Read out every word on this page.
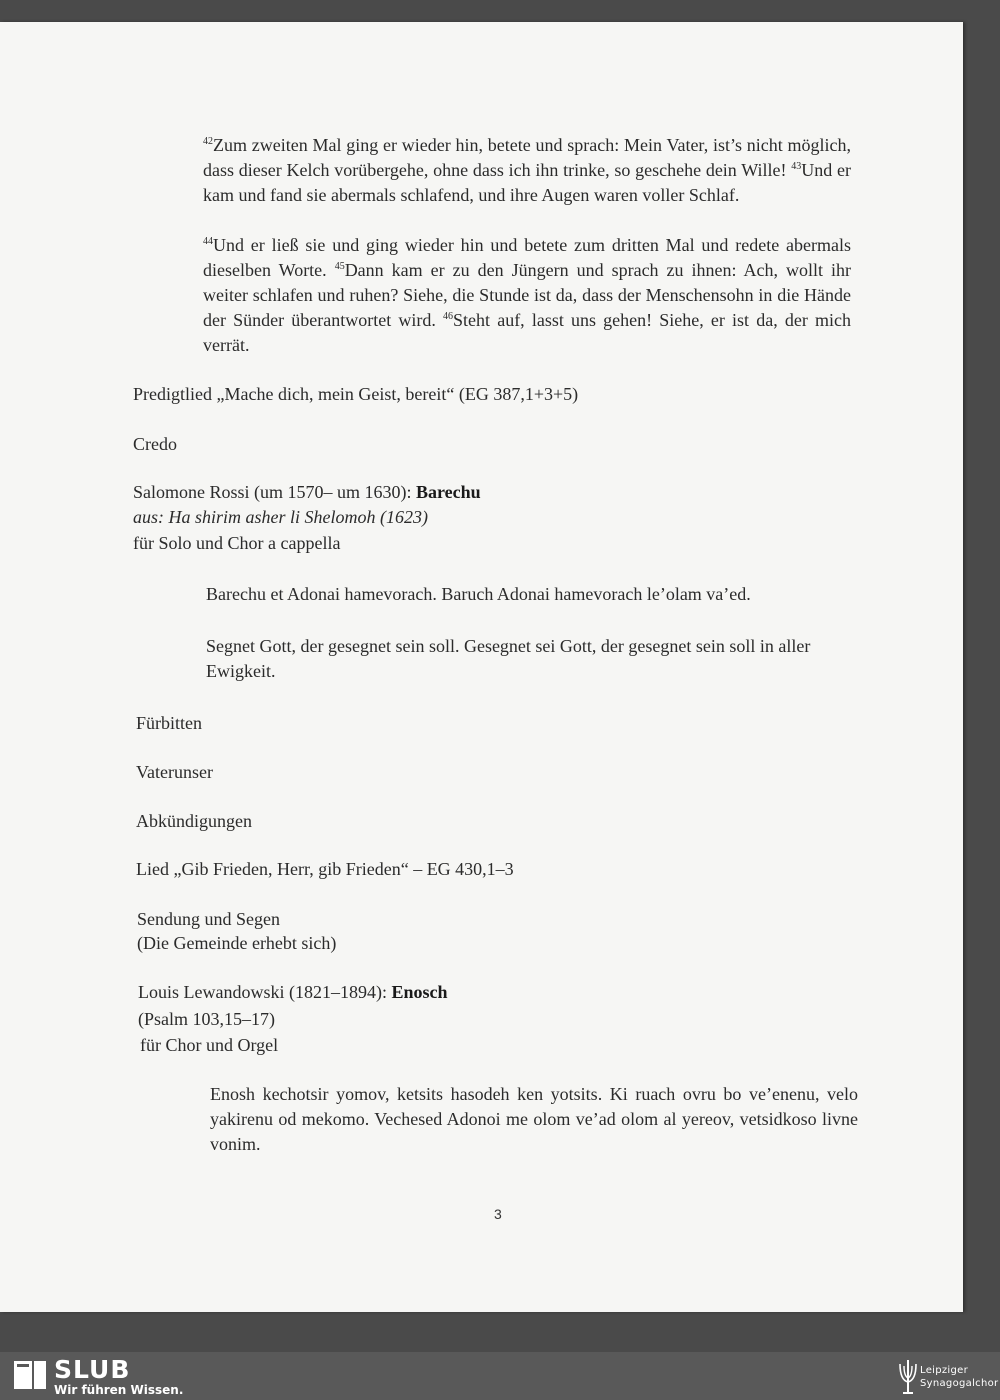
$^{42}$Zum zweiten Mal ging er wieder hin, betete und sprach: Mein Vater, ist’s nicht möglich, dass dieser Kelch vorübergehe, ohne dass ich ihn trinke, so geschehe dein Wille! $^{43}$Und er kam und fand sie abermals schlafend, und ihre Augen waren voller Schlaf.

$^{44}$Und er ließ sie und ging wieder hin und betete zum dritten Mal und redete abermals dieselben Worte. $^{45}$Dann kam er zu den Jüngern und sprach zu ihnen: Ach, wollt ihr weiter schlafen und ruhen? Siehe, die Stunde ist da, dass der Menschensohn in die Hände der Sünder überantwortet wird. $^{46}$Steht auf, lasst uns gehen! Siehe, er ist da, der mich verrät.

Predigtlied „Mache dich, mein Geist, bereit“ (EG 387,1+3+5)

Credo

Salomone Rossi (um 1570– um 1630): Barechu

aus: Ha shirim asher li Shelomoh (1623)

für Solo und Chor a cappella

Barechu et Adonai hamevorach. Baruch Adonai hamevorach le’olam va’ed.

Segnet Gott, der gesegnet sein soll. Gesegnet sei Gott, der gesegnet sein soll in aller Ewigkeit.

Fürbitten

Vaterunser

Abkündigungen

Lied „Gib Frieden, Herr, gib Frieden“ – EG 430,1–3

Sendung und Segen

(Die Gemeinde erhebt sich)

Louis Lewandowski (1821–1894): Enosch

(Psalm 103,15–17)

für Chor und Orgel

Enosh kechotsir yomov, ketsits hasodeh ken yotsits. Ki ruach ovru bo ve’enenu, velo yakirenu od mekomo. Vechesed Adonoi me olom ve’ad olom al yereov, vetsidkoso livne vonim.

3
SLUB
Wir führen Wissen.
Leipziger
Synagogalchor
